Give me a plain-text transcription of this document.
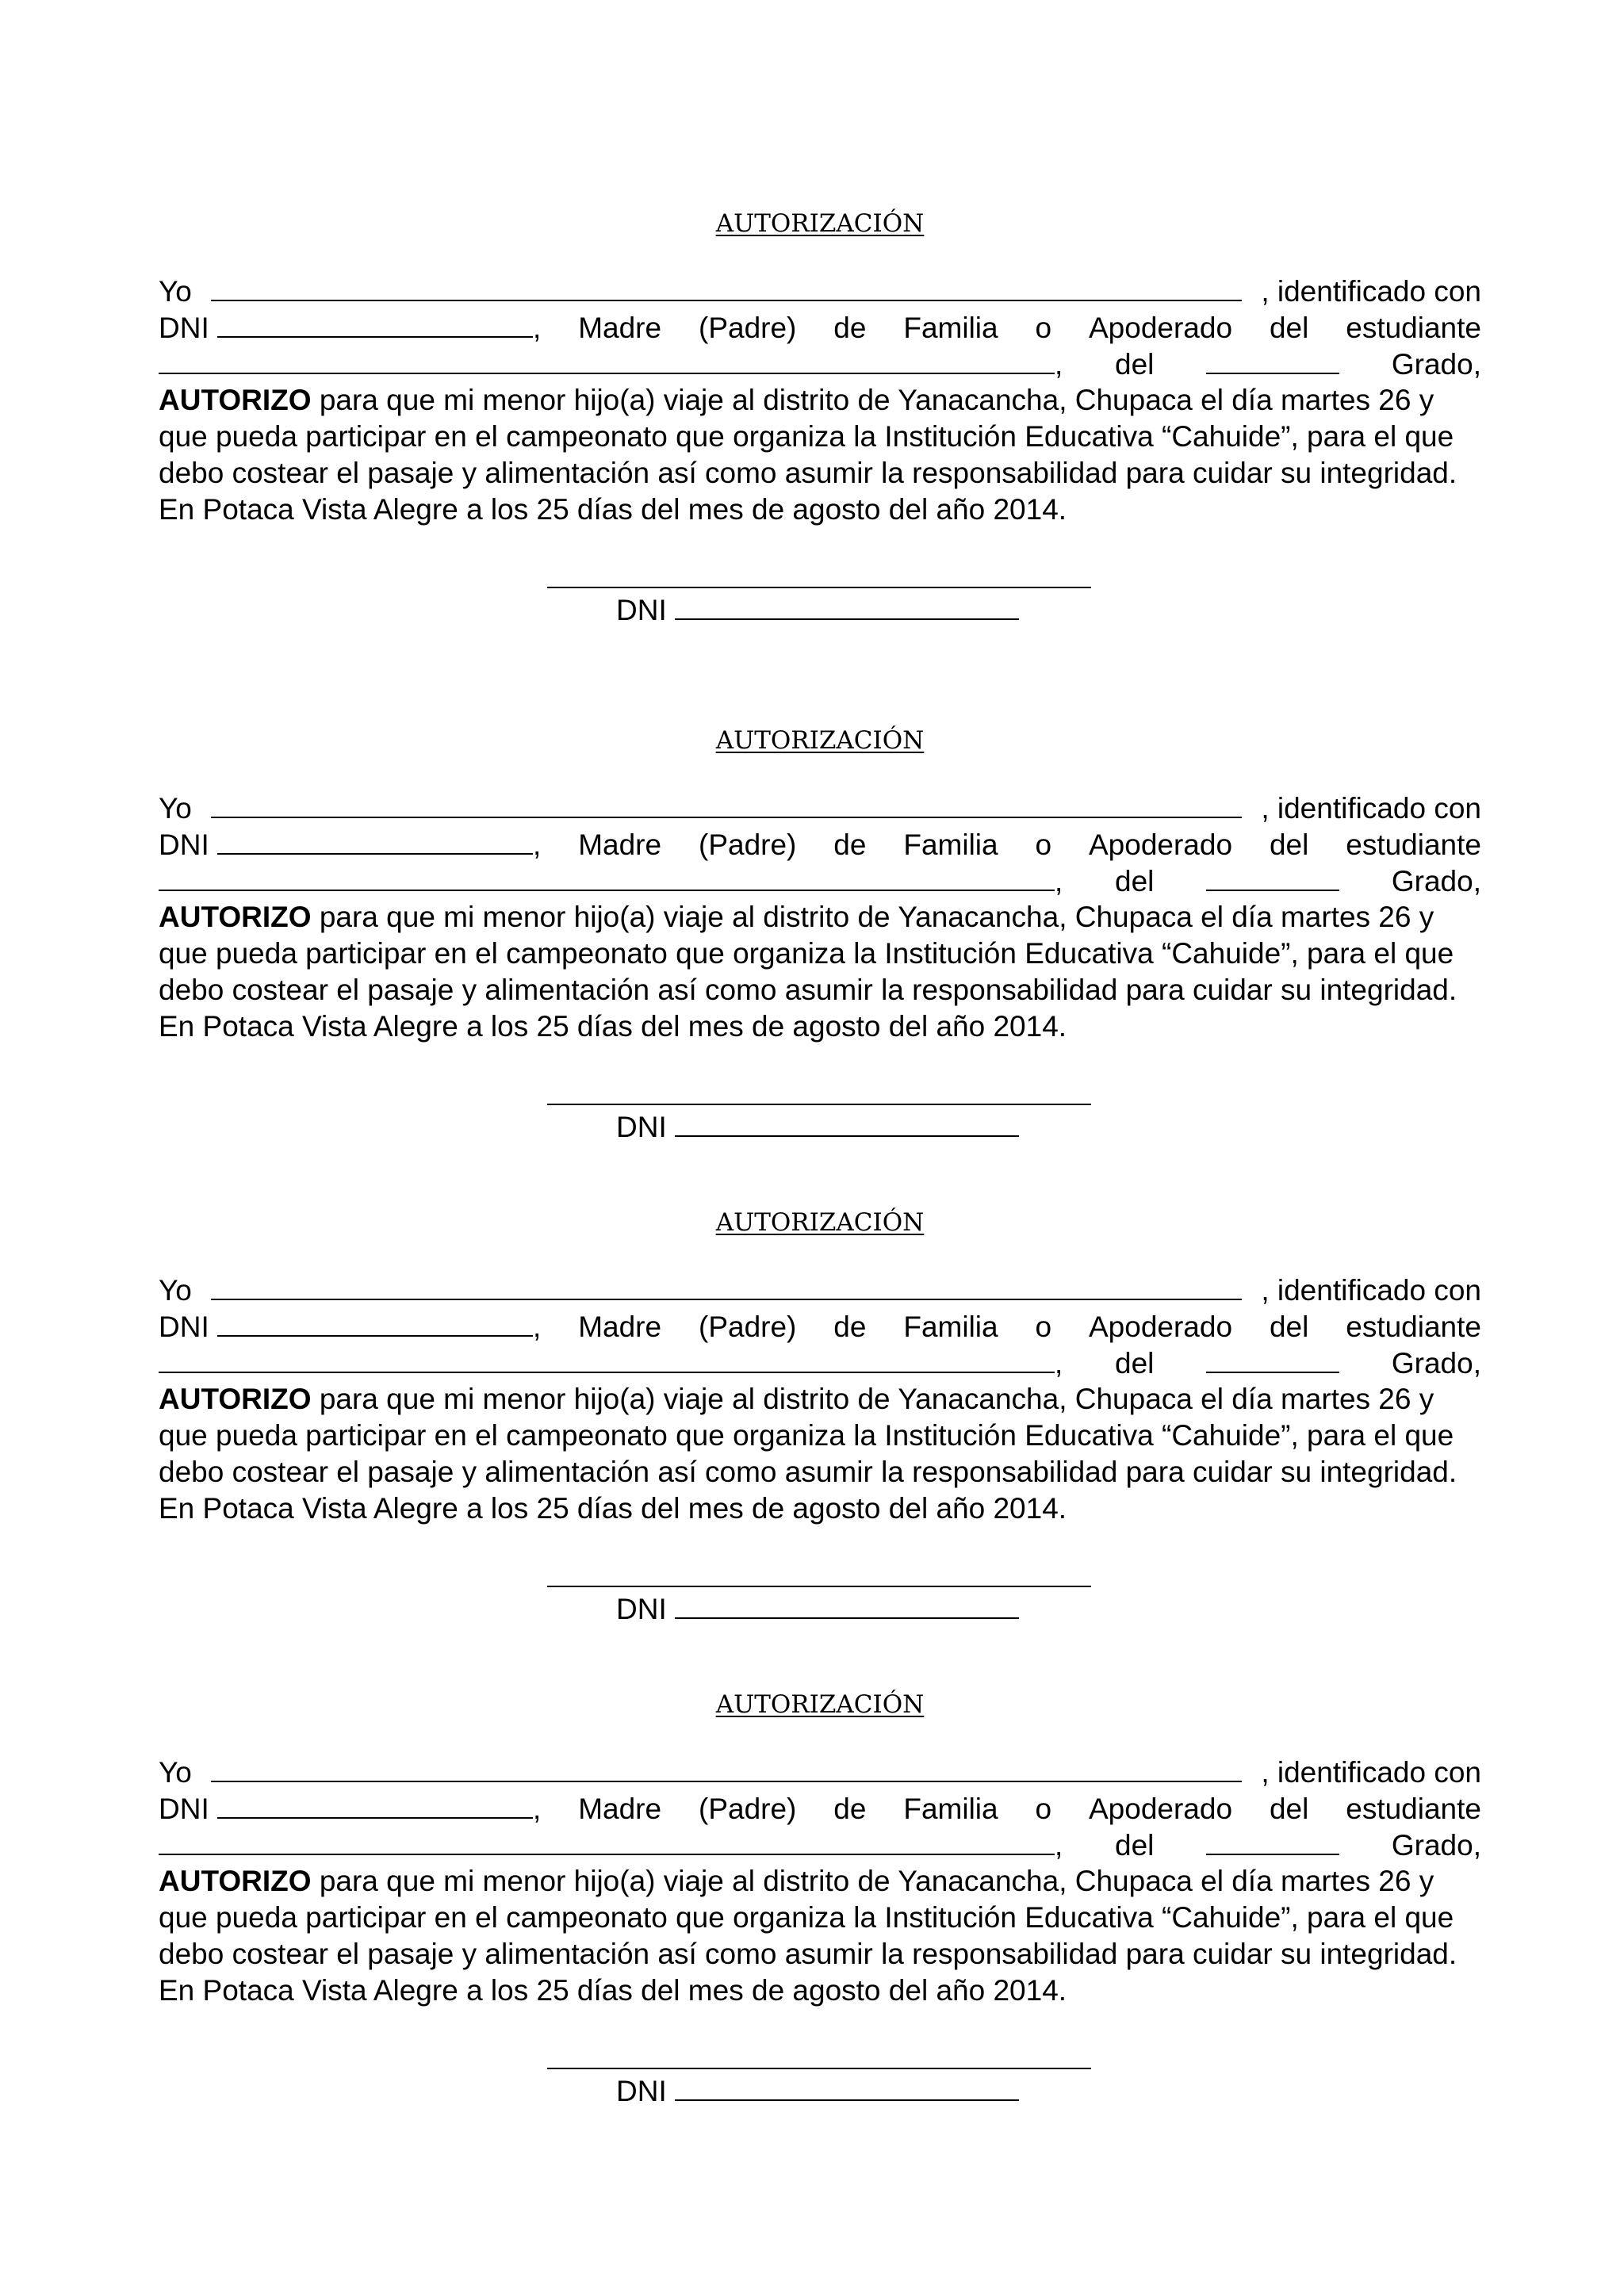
AUTORIZACIÓN
Yo	, identificado con
DNI	, Madre (Padre) de Familia o Apoderado del estudiante
, del	Grado,
AUTORIZO para que mi menor hijo(a) viaje al distrito de Yanacancha, Chupaca el día martes 26 y
que pueda participar en el campeonato que organiza la Institución Educativa “Cahuide”, para el que
debo costear el pasaje y alimentación así como asumir la responsabilidad para cuidar su integridad.
En Potaca Vista Alegre a los 25 días del mes de agosto del año 2014.
DNI
AUTORIZACIÓN
Yo	, identificado con
DNI	, Madre (Padre) de Familia o Apoderado del estudiante
, del	Grado,
AUTORIZO para que mi menor hijo(a) viaje al distrito de Yanacancha, Chupaca el día martes 26 y
que pueda participar en el campeonato que organiza la Institución Educativa “Cahuide”, para el que
debo costear el pasaje y alimentación así como asumir la responsabilidad para cuidar su integridad.
En Potaca Vista Alegre a los 25 días del mes de agosto del año 2014.
DNI
AUTORIZACIÓN
Yo	, identificado con
DNI	, Madre (Padre) de Familia o Apoderado del estudiante
, del	Grado,
AUTORIZO para que mi menor hijo(a) viaje al distrito de Yanacancha, Chupaca el día martes 26 y
que pueda participar en el campeonato que organiza la Institución Educativa “Cahuide”, para el que
debo costear el pasaje y alimentación así como asumir la responsabilidad para cuidar su integridad.
En Potaca Vista Alegre a los 25 días del mes de agosto del año 2014.
DNI
AUTORIZACIÓN
Yo	, identificado con
DNI	, Madre (Padre) de Familia o Apoderado del estudiante
, del	Grado,
AUTORIZO para que mi menor hijo(a) viaje al distrito de Yanacancha, Chupaca el día martes 26 y
que pueda participar en el campeonato que organiza la Institución Educativa “Cahuide”, para el que
debo costear el pasaje y alimentación así como asumir la responsabilidad para cuidar su integridad.
En Potaca Vista Alegre a los 25 días del mes de agosto del año 2014.
DNI
